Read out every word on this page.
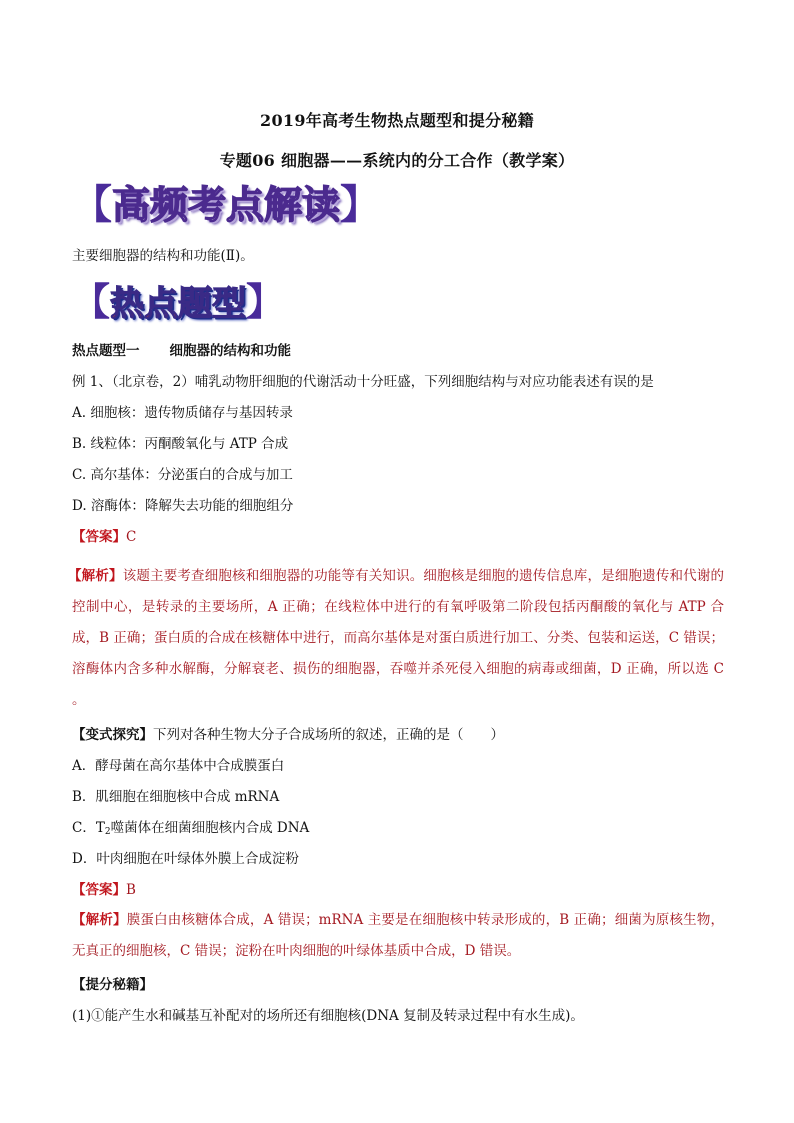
2019年高考生物热点题型和提分秘籍
专题06 细胞器——系统内的分工合作（教学案）
【高频考点解读】
主要细胞器的结构和功能(Ⅱ)。
【热点题型】
热点题型一 细胞器的结构和功能
例 1、（北京卷，2）哺乳动物肝细胞的代谢活动十分旺盛，下列细胞结构与对应功能表述有误的是
A. 细胞核：遗传物质储存与基因转录
B. 线粒体：丙酮酸氧化与 ATP 合成
C. 高尔基体：分泌蛋白的合成与加工
D. 溶酶体：降解失去功能的细胞组分
【答案】C
【解析】该题主要考查细胞核和细胞器的功能等有关知识。细胞核是细胞的遗传信息库，是细胞遗传和代谢的控制中心，是转录的主要场所，A 正确；在线粒体中进行的有氧呼吸第二阶段包括丙酮酸的氧化与 ATP 合成，B 正确；蛋白质的合成在核糖体中进行，而高尔基体是对蛋白质进行加工、分类、包装和运送，C 错误；溶酶体内含多种水解酶，分解衰老、损伤的细胞器，吞噬并杀死侵入细胞的病毒或细菌，D 正确，所以选 C 。
【变式探究】下列对各种生物大分子合成场所的叙述，正确的是（　　）
A．酵母菌在高尔基体中合成膜蛋白
B．肌细胞在细胞核中合成 mRNA
C．$T_2$噬菌体在细菌细胞核内合成 DNA
D．叶肉细胞在叶绿体外膜上合成淀粉
【答案】B
【解析】膜蛋白由核糖体合成，A 错误；mRNA 主要是在细胞核中转录形成的，B 正确；细菌为原核生物，无真正的细胞核，C 错误；淀粉在叶肉细胞的叶绿体基质中合成，D 错误。
【提分秘籍】
(1)①能产生水和碱基互补配对的场所还有细胞核(DNA 复制及转录过程中有水生成)。
